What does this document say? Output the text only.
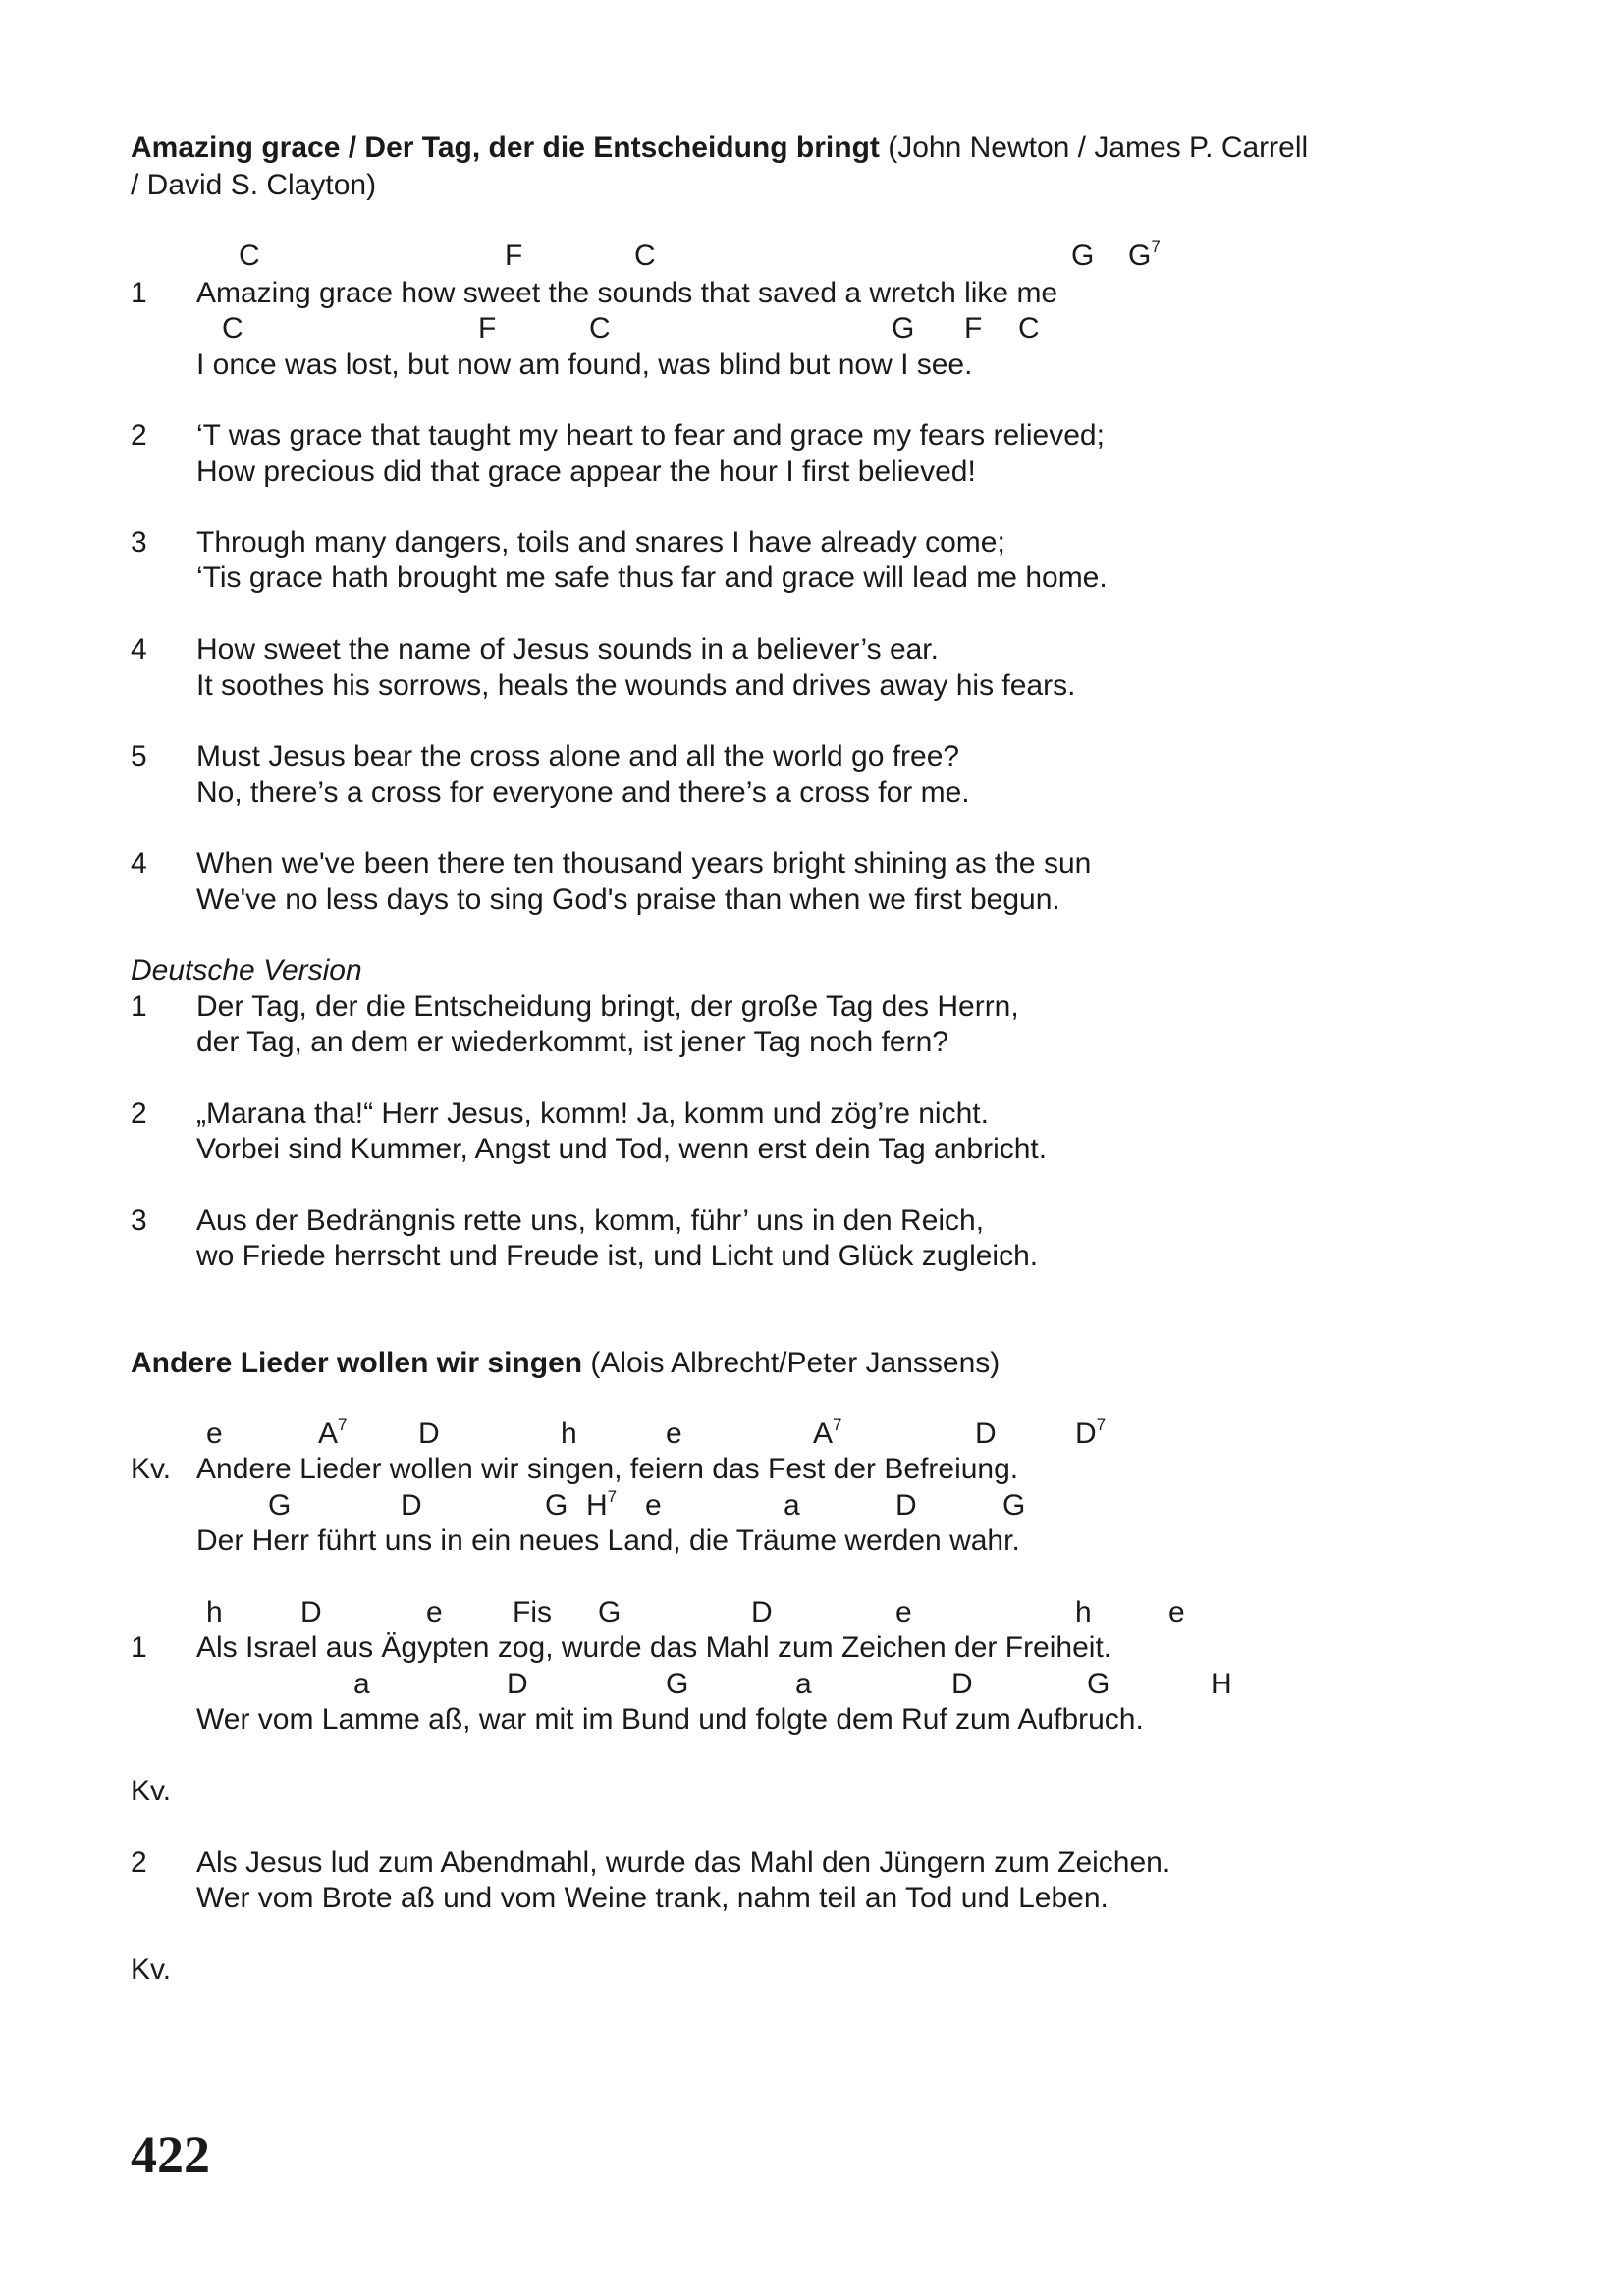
Amazing grace / Der Tag, der die Entscheidung bringt (John Newton / James P. Carrell
/ David S. Clayton)
1 Amazing grace how sweet the sounds that saved a wretch like me
I once was lost, but now am found, was blind but now I see.
2 ‘T was grace that taught my heart to fear and grace my fears relieved;
How precious did that grace appear the hour I first believed!
3 Through many dangers, toils and snares I have already come;
‘Tis grace hath brought me safe thus far and grace will lead me home.
4 How sweet the name of Jesus sounds in a believer’s ear.
It soothes his sorrows, heals the wounds and drives away his fears.
5 Must Jesus bear the cross alone and all the world go free?
No, there’s a cross for everyone and there’s a cross for me.
4 When we've been there ten thousand years bright shining as the sun
We've no less days to sing God's praise than when we first begun.
Deutsche Version
1 Der Tag, der die Entscheidung bringt, der große Tag des Herrn,
der Tag, an dem er wiederkommt, ist jener Tag noch fern?
2 „Marana tha!“ Herr Jesus, komm! Ja, komm und zög’re nicht.
Vorbei sind Kummer, Angst und Tod, wenn erst dein Tag anbricht.
3 Aus der Bedrängnis rette uns, komm, führ’ uns in den Reich,
wo Friede herrscht und Freude ist, und Licht und Glück zugleich.
Andere Lieder wollen wir singen (Alois Albrecht/Peter Janssens)
Kv. Andere Lieder wollen wir singen, feiern das Fest der Befreiung.
Der Herr führt uns in ein neues Land, die Träume werden wahr.
1 Als Israel aus Ägypten zog, wurde das Mahl zum Zeichen der Freiheit.
Wer vom Lamme aß, war mit im Bund und folgte dem Ruf zum Aufbruch.
Kv.
2 Als Jesus lud zum Abendmahl, wurde das Mahl den Jüngern zum Zeichen.
Wer vom Brote aß und vom Weine trank, nahm teil an Tod und Leben.
Kv.
422
C	F	C	G $G^7$
C	F	C	G F C
e	$A^7$ D	h	e	$A^7$	D	$D^7$
G	D	G $H^7$ e	a	D	G
h	D	e Fis G	D	e	h	e
a	D	G	a	D	G	H
